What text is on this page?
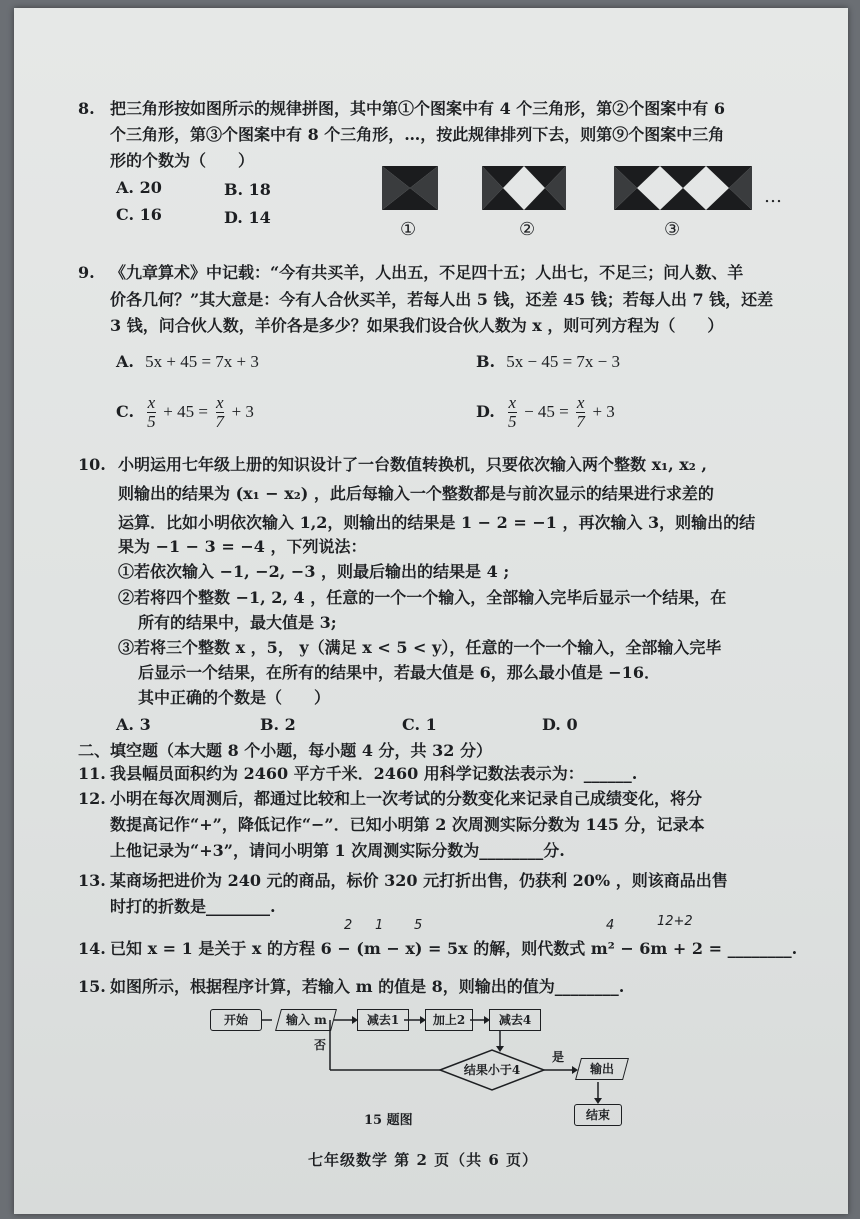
8. 把三角形按如图所示的规律拼图，其中第①个图案中有 4 个三角形，第②个图案中有 6
个三角形，第③个图案中有 8 个三角形，…，按此规律排列下去，则第⑨个图案中三角
形的个数为（　　）
A. 20	B. 18
C. 16	D. 14
①	②	③
…
9. 《九章算术》中记载：“今有共买羊，人出五，不足四十五；人出七，不足三；问人数、羊
价各几何？”其大意是：今有人合伙买羊，若每人出 5 钱，还差 45 钱；若每人出 7 钱，还差
3 钱，问合伙人数，羊价各是多少？如果我们设合伙人数为 x ，则可列方程为（　　）
A. 5x + 45 = 7x + 3	B. 5x − 45 = 7x − 3
C. $\frac{x}{5} + 45 = \frac{x}{7} + 3$	D. $\frac{x}{5} - 45 = \frac{x}{7} + 3$
10. 小明运用七年级上册的知识设计了一台数值转换机，只要依次输入两个整数 x₁, x₂ ,
则输出的结果为 (x₁ − x₂) ，此后每输入一个整数都是与前次显示的结果进行求差的
运算．比如小明依次输入 1,2，则输出的结果是 1 − 2 = −1 ，再次输入 3，则输出的结
果为 −1 − 3 = −4 ，下列说法：
①若依次输入 −1, −2, −3 ，则最后输出的结果是 4 ;
②若将四个整数 −1, 2, 4 ，任意的一个一个输入，全部输入完毕后显示一个结果，在
所有的结果中，最大值是 3;
③若将三个整数 x ，5， y（满足 x < 5 < y），任意的一个一个输入，全部输入完毕
后显示一个结果，在所有的结果中，若最大值是 6，那么最小值是 −16．
其中正确的个数是（　　）
A. 3	B. 2	C. 1	D. 0
二、填空题（本大题 8 个小题，每小题 4 分，共 32 分）
11. 我县幅员面积约为 2460 平方千米．2460 用科学记数法表示为：______.
12. 小明在每次周测后，都通过比较和上一次考试的分数变化来记录自己成绩变化，将分
数提高记作“+”，降低记作“−”．已知小明第 2 次周测实际分数为 145 分，记录本
上他记录为“+3”，请问小明第 1 次周测实际分数为________分.
13. 某商场把进价为 240 元的商品，标价 320 元打折出售，仍获利 20% ，则该商品出售
时打的折数是________.
14. 已知 x = 1 是关于 x 的方程 6 − (m − x) = 5x 的解，则代数式 m² − 6m + 2 = ________.
2 1 5	4	12+2
15. 如图所示，根据程序计算，若输入 m 的值是 8，则输出的值为________.
开始	输入 m	减去1	加上2	减去4
结果小于4
是
否
输出
结束
15 题图
七年级数学 第 2 页（共 6 页）
